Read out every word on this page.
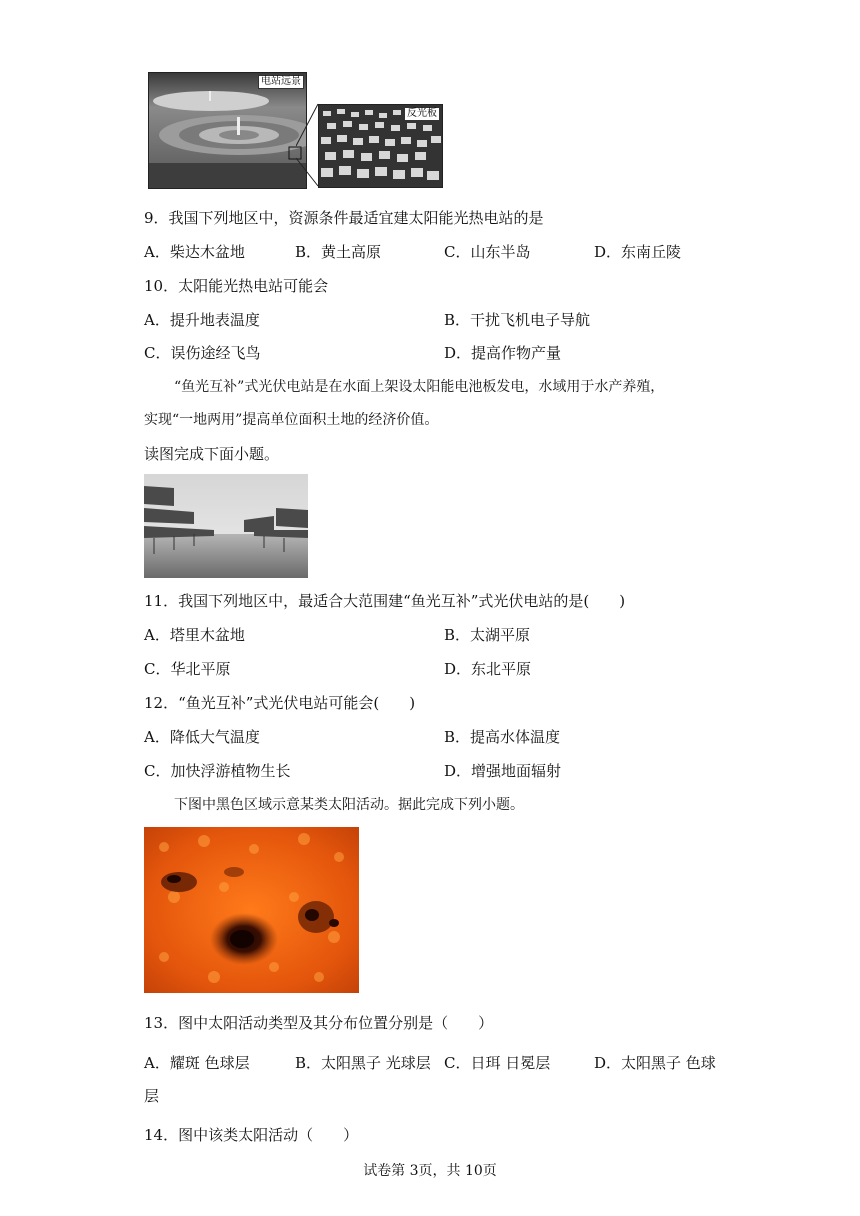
电站远景
反光板
9．我国下列地区中，资源条件最适宜建太阳能光热电站的是
A．柴达木盆地	B．黄土高原	C．山东半岛	D．东南丘陵
10．太阳能光热电站可能会
A．提升地表温度	B．干扰飞机电子导航
C．误伤途经飞鸟	D．提高作物产量
“鱼光互补”式光伏电站是在水面上架设太阳能电池板发电，水域用于水产养殖，
实现“一地两用”提高单位面积土地的经济价值。
读图完成下面小题。
11．我国下列地区中，最适合大范围建“鱼光互补”式光伏电站的是(　　)
A．塔里木盆地	B．太湖平原
C．华北平原	D．东北平原
12．“鱼光互补”式光伏电站可能会(　　)
A．降低大气温度	B．提高水体温度
C．加快浮游植物生长	D．增强地面辐射
下图中黑色区域示意某类太阳活动。据此完成下列小题。
13．图中太阳活动类型及其分布位置分别是（　　）
A．耀斑 色球层	B．太阳黑子 光球层 C．日珥 日冕层	D．太阳黑子 色球
层
14．图中该类太阳活动（　　）
试卷第 3页，共 10页
